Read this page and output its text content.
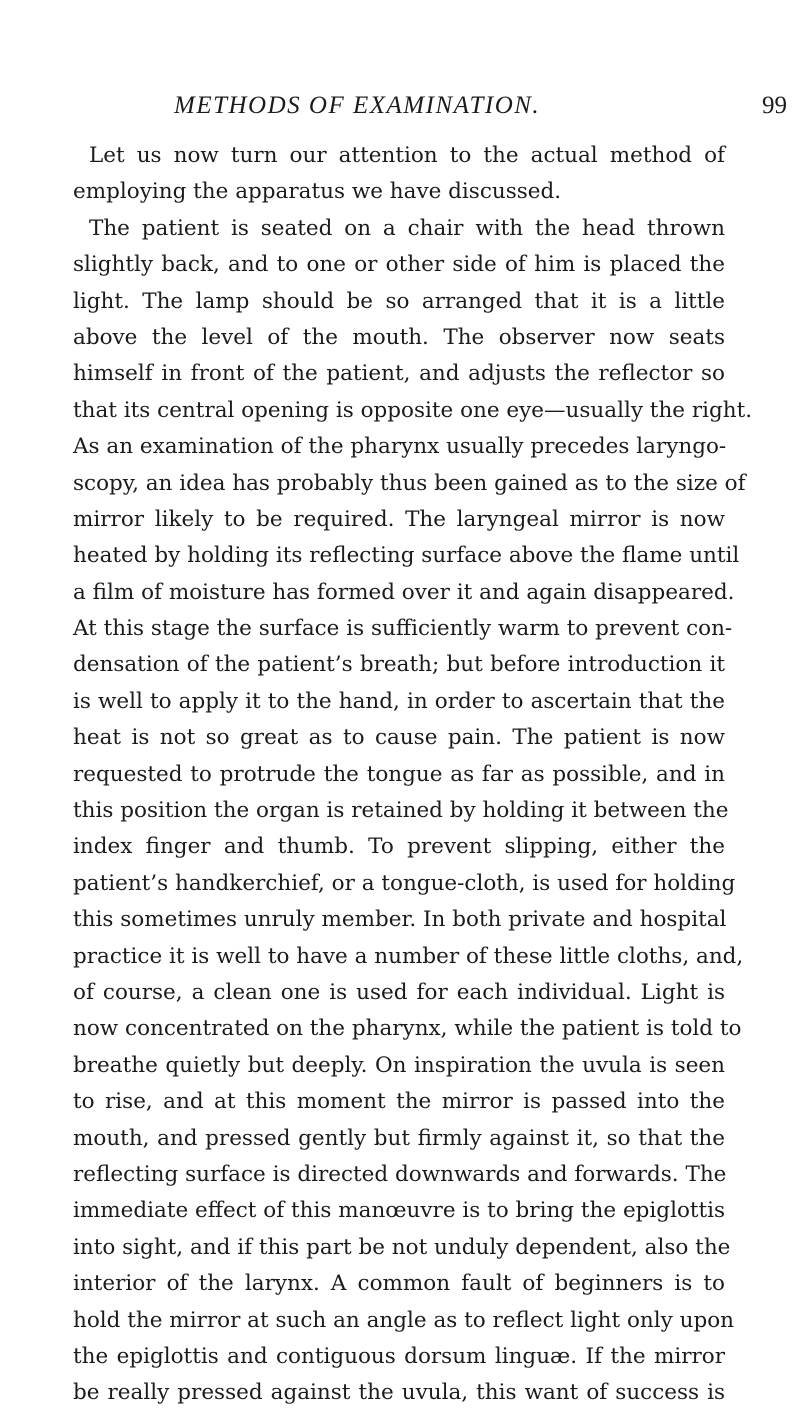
METHODS OF EXAMINATION.	99
Let us now turn our attention to the actual method of
employing the apparatus we have discussed.
The patient is seated on a chair with the head thrown
slightly back, and to one or other side of him is placed the
light. The lamp should be so arranged that it is a little
above the level of the mouth. The observer now seats
himself in front of the patient, and adjusts the reflector so
that its central opening is opposite one eye—usually the right.
As an examination of the pharynx usually precedes laryngo-
scopy, an idea has probably thus been gained as to the size of
mirror likely to be required. The laryngeal mirror is now
heated by holding its reflecting surface above the flame until
a film of moisture has formed over it and again disappeared.
At this stage the surface is sufficiently warm to prevent con-
densation of the patient’s breath; but before introduction it
is well to apply it to the hand, in order to ascertain that the
heat is not so great as to cause pain. The patient is now
requested to protrude the tongue as far as possible, and in
this position the organ is retained by holding it between the
index finger and thumb. To prevent slipping, either the
patient’s handkerchief, or a tongue-cloth, is used for holding
this sometimes unruly member. In both private and hospital
practice it is well to have a number of these little cloths, and,
of course, a clean one is used for each individual. Light is
now concentrated on the pharynx, while the patient is told to
breathe quietly but deeply. On inspiration the uvula is seen
to rise, and at this moment the mirror is passed into the
mouth, and pressed gently but firmly against it, so that the
reflecting surface is directed downwards and forwards. The
immediate effect of this manœuvre is to bring the epiglottis
into sight, and if this part be not unduly dependent, also the
interior of the larynx. A common fault of beginners is to
hold the mirror at such an angle as to reflect light only upon
the epiglottis and contiguous dorsum linguæ. If the mirror
be really pressed against the uvula, this want of success is
